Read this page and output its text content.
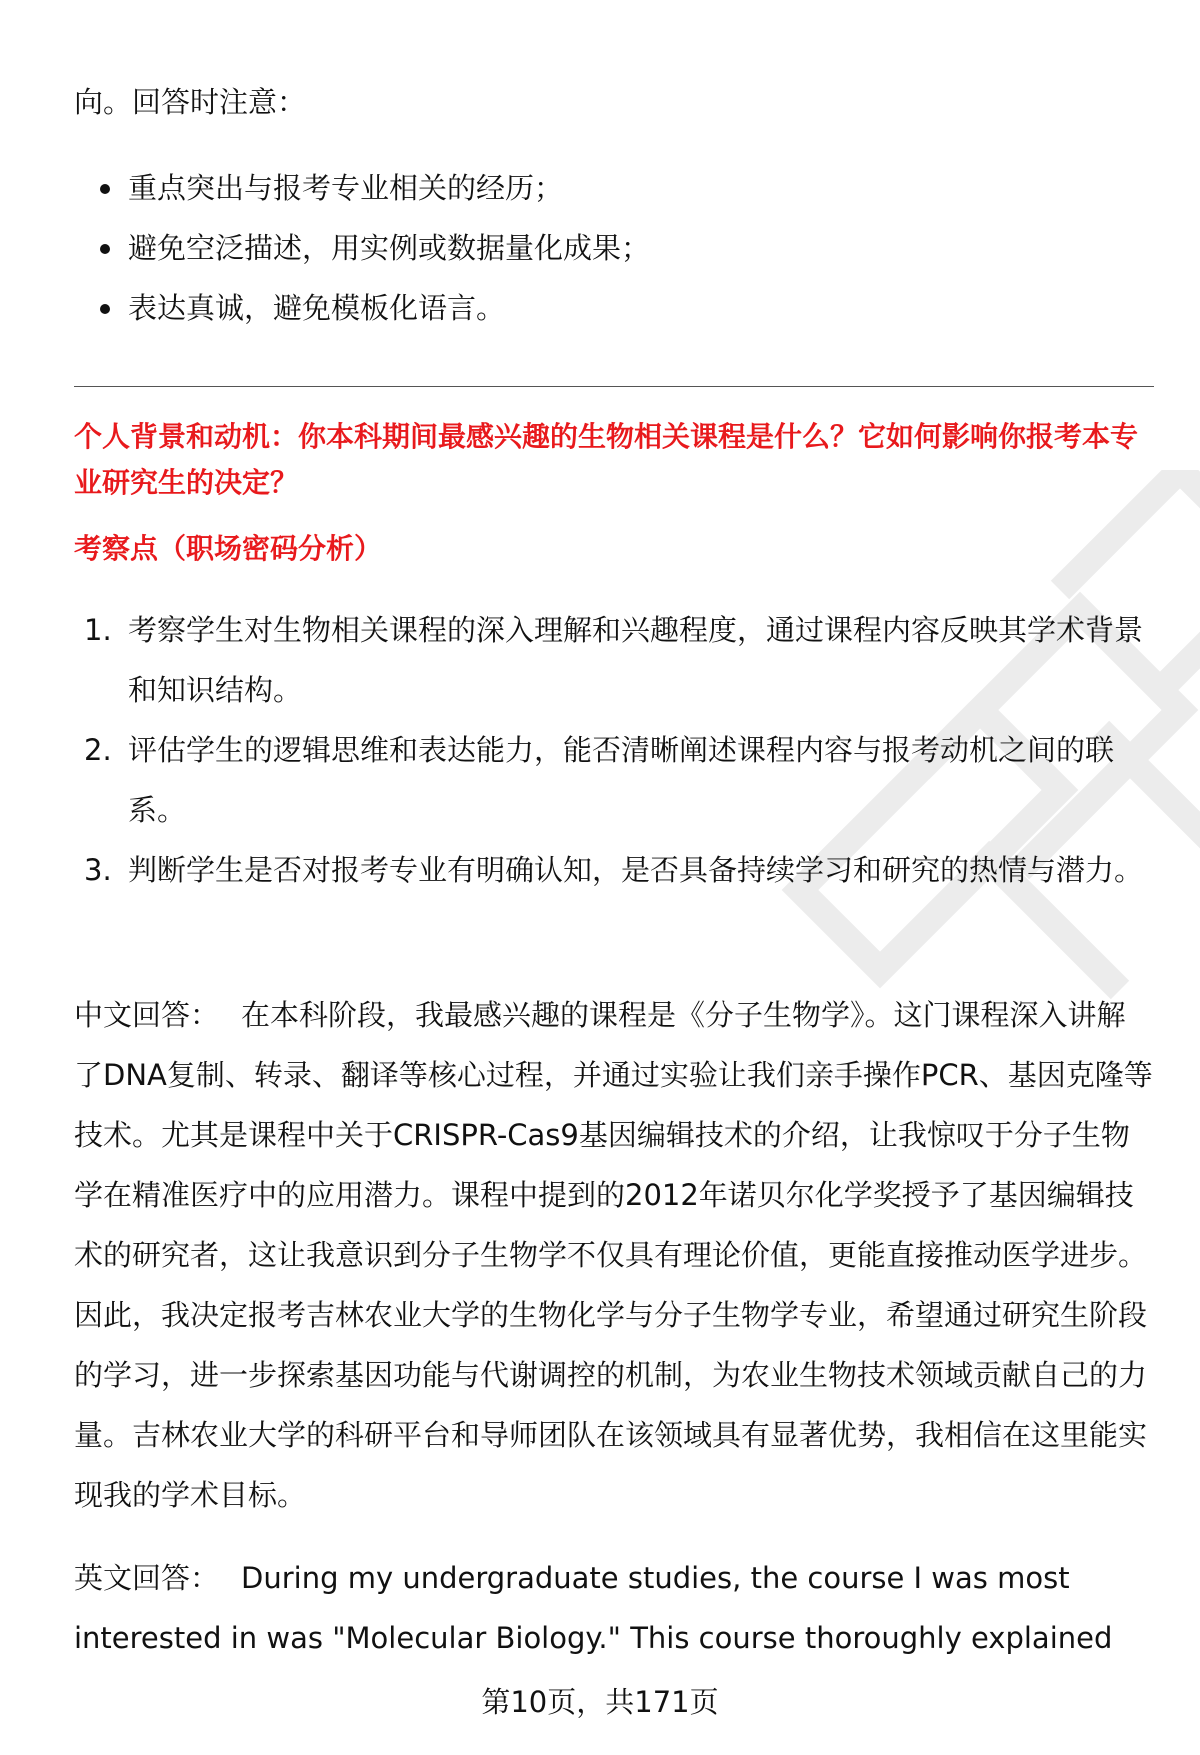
向。回答时注意：
重点突出与报考专业相关的经历；
避免空泛描述，用实例或数据量化成果；
表达真诚，避免模板化语言。
个人背景和动机：你本科期间最感兴趣的生物相关课程是什么？它如何影响你报考本专业研究生的决定？
考察点（职场密码分析）
1. 考察学生对生物相关课程的深入理解和兴趣程度，通过课程内容反映其学术背景和知识结构。
2. 评估学生的逻辑思维和表达能力，能否清晰阐述课程内容与报考动机之间的联系。
3. 判断学生是否对报考专业有明确认知，是否具备持续学习和研究的热情与潜力。

中文回答： 在本科阶段，我最感兴趣的课程是《分子生物学》。这门课程深入讲解了DNA复制、转录、翻译等核心过程，并通过实验让我们亲手操作PCR、基因克隆等技术。尤其是课程中关于CRISPR-Cas9基因编辑技术的介绍，让我惊叹于分子生物学在精准医疗中的应用潜力。课程中提到的2012年诺贝尔化学奖授予了基因编辑技术的研究者，这让我意识到分子生物学不仅具有理论价值，更能直接推动医学进步。因此，我决定报考吉林农业大学的生物化学与分子生物学专业，希望通过研究生阶段的学习，进一步探索基因功能与代谢调控的机制，为农业生物技术领域贡献自己的力量。吉林农业大学的科研平台和导师团队在该领域具有显著优势，我相信在这里能实现我的学术目标。

英文回答： During my undergraduate studies, the course I was most interested in was "Molecular Biology." This course thoroughly explained

第10页，共171页
